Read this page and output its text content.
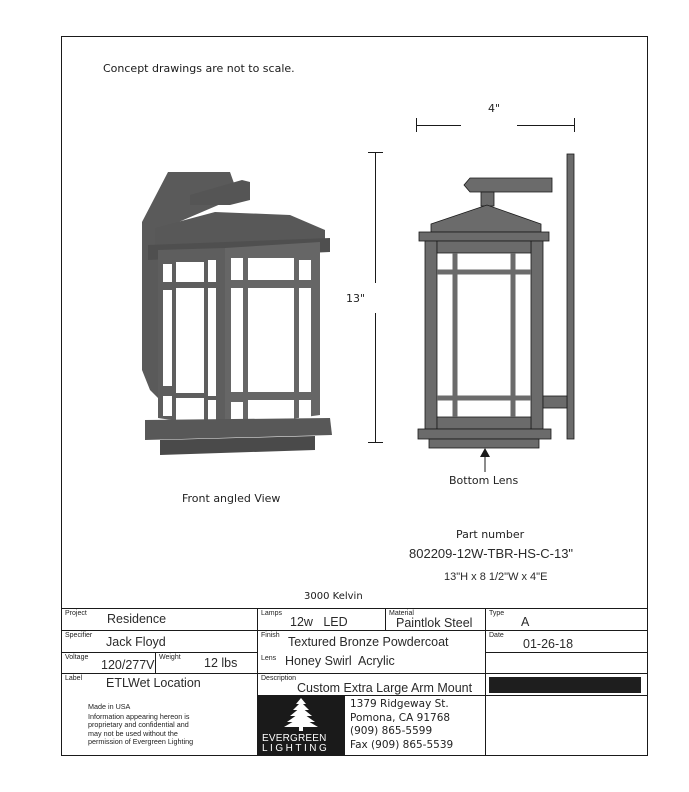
Concept drawings are not to scale.
Front angled View
4"
13"
Bottom Lens
Part number
802209-12W-TBR-HS-C-13"
13"H x 8 1/2"W x 4"E
3000 Kelvin
Project Residence
Specifier Jack Floyd
Voltage
120/277V
Weight 12 lbs
Label ETLWet Location
Lamps
12w   LED
Material
Paintlok Steel
Finish Textured Bronze Powdercoat
Lens Honey Swirl  Acrylic
Description
Custom Extra Large Arm Mount
Type
A
Date
01-26-18
Made in USA
Information appearing hereon is
proprietary and confidential and
may not be used without the
permission of Evergreen Lighting	EVERGREEN
LIGHTING
1379 Ridgeway St.
Pomona, CA 91768
(909) 865-5599
Fax (909) 865-5539
